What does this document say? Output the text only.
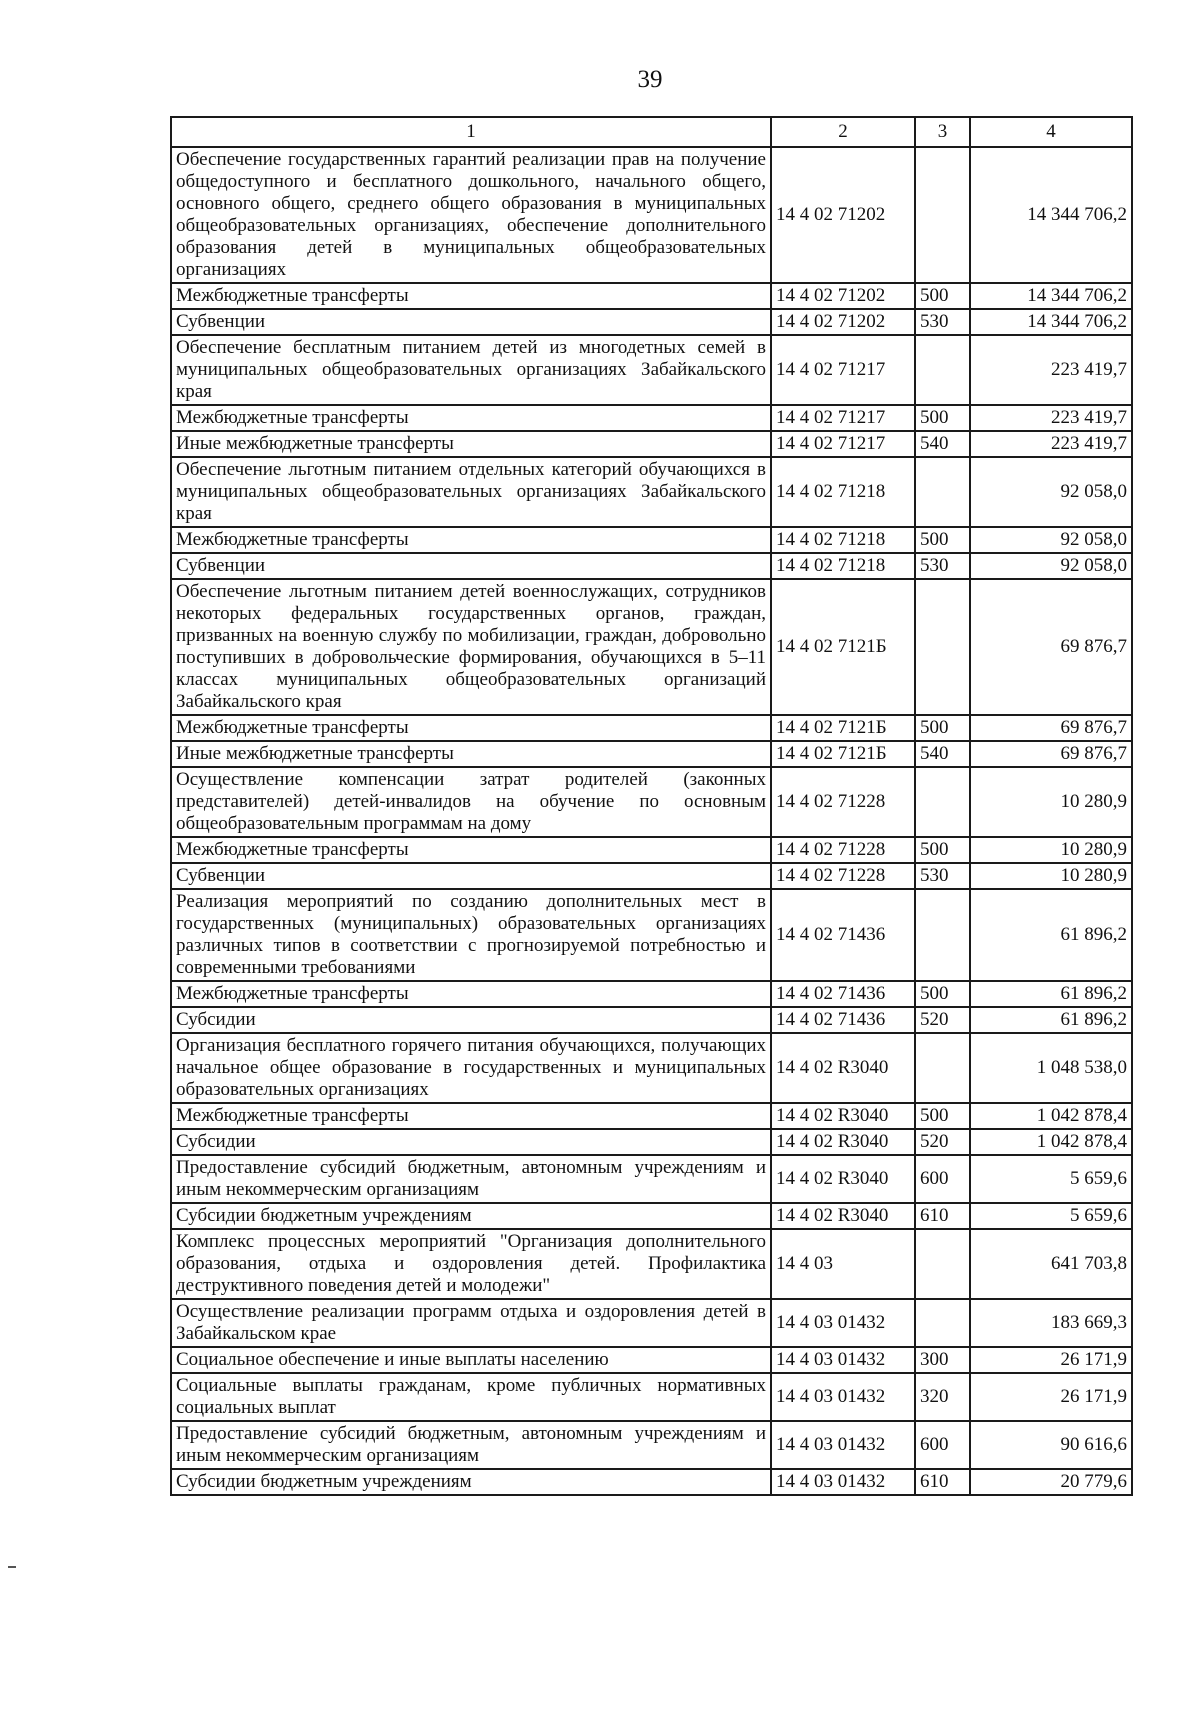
39
1	2	3	4
Обеспечение государственных гарантий реализации прав на получение общедоступного и бесплатного дошкольного, начального общего, основного общего, среднего общего образования в муниципальных общеобразовательных организациях, обеспечение дополнительного образования детей в муниципальных общеобразовательных организациях	14 4 02 71202		14 344 706,2
Межбюджетные трансферты	14 4 02 71202	500	14 344 706,2
Субвенции	14 4 02 71202	530	14 344 706,2
Обеспечение бесплатным питанием детей из многодетных семей в муниципальных общеобразовательных организациях Забайкальского края	14 4 02 71217		223 419,7
Межбюджетные трансферты	14 4 02 71217	500	223 419,7
Иные межбюджетные трансферты	14 4 02 71217	540	223 419,7
Обеспечение льготным питанием отдельных категорий обучающихся в муниципальных общеобразовательных организациях Забайкальского края	14 4 02 71218		92 058,0
Межбюджетные трансферты	14 4 02 71218	500	92 058,0
Субвенции	14 4 02 71218	530	92 058,0
Обеспечение льготным питанием детей военнослужащих, сотрудников некоторых федеральных государственных органов, граждан, призванных на военную службу по мобилизации, граждан, добровольно поступивших в добровольческие формирования, обучающихся в 5–11 классах муниципальных общеобразовательных организаций Забайкальского края	14 4 02 7121Б		69 876,7
Межбюджетные трансферты	14 4 02 7121Б	500	69 876,7
Иные межбюджетные трансферты	14 4 02 7121Б	540	69 876,7
Осуществление компенсации затрат родителей (законных представителей) детей-инвалидов на обучение по основным общеобразовательным программам на дому	14 4 02 71228		10 280,9
Межбюджетные трансферты	14 4 02 71228	500	10 280,9
Субвенции	14 4 02 71228	530	10 280,9
Реализация мероприятий по созданию дополнительных мест в государственных (муниципальных) образовательных организациях различных типов в соответствии с прогнозируемой потребностью и современными требованиями	14 4 02 71436		61 896,2
Межбюджетные трансферты	14 4 02 71436	500	61 896,2
Субсидии	14 4 02 71436	520	61 896,2
Организация бесплатного горячего питания обучающихся, получающих начальное общее образование в государственных и муниципальных образовательных организациях	14 4 02 R3040		1 048 538,0
Межбюджетные трансферты	14 4 02 R3040	500	1 042 878,4
Субсидии	14 4 02 R3040	520	1 042 878,4
Предоставление субсидий бюджетным, автономным учреждениям и иным некоммерческим организациям	14 4 02 R3040	600	5 659,6
Субсидии бюджетным учреждениям	14 4 02 R3040	610	5 659,6
Комплекс процессных мероприятий "Организация дополнительного образования, отдыха и оздоровления детей. Профилактика деструктивного поведения детей и молодежи"	14 4 03		641 703,8
Осуществление реализации программ отдыха и оздоровления детей в Забайкальском крае	14 4 03 01432		183 669,3
Социальное обеспечение и иные выплаты населению	14 4 03 01432	300	26 171,9
Социальные выплаты гражданам, кроме публичных нормативных социальных выплат	14 4 03 01432	320	26 171,9
Предоставление субсидий бюджетным, автономным учреждениям и иным некоммерческим организациям	14 4 03 01432	600	90 616,6
Субсидии бюджетным учреждениям	14 4 03 01432	610	20 779,6
